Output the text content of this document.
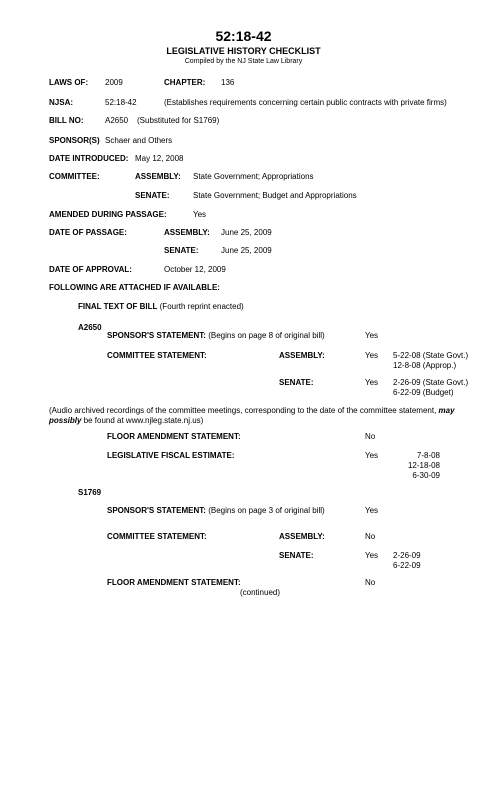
52:18-42
LEGISLATIVE HISTORY CHECKLIST
Compiled by the NJ State Law Library
LAWS OF: 2009	CHAPTER: 136
NJSA:	52:18-42	(Establishes requirements concerning certain public contracts with private firms)
BILL NO:	A2650 (Substituted for S1769)
SPONSOR(S) Schaer and Others
DATE INTRODUCED: May 12, 2008
COMMITTEE:	ASSEMBLY: State Government; Appropriations
SENATE:	State Government; Budget and Appropriations
AMENDED DURING PASSAGE:	Yes
DATE OF PASSAGE:	ASSEMBLY: June 25, 2009
SENATE:	June 25, 2009
DATE OF APPROVAL:	October 12, 2009
FOLLOWING ARE ATTACHED IF AVAILABLE:
FINAL TEXT OF BILL (Fourth reprint enacted)
A2650
SPONSOR'S STATEMENT: (Begins on page 8 of original bill)	Yes
COMMITTEE STATEMENT:	ASSEMBLY:	Yes 5-22-08 (State Govt.)
12-8-08 (Approp.)
SENATE:	Yes 2-26-09 (State Govt.)
6-22-09 (Budget)
(Audio archived recordings of the committee meetings, corresponding to the date of the committee statement, may possibly be found at www.njleg.state.nj.us)
FLOOR AMENDMENT STATEMENT:	No
LEGISLATIVE FISCAL ESTIMATE:	Yes	7-8-08
12-18-08
6-30-09
S1769
SPONSOR'S STATEMENT: (Begins on page 3 of original bill)	Yes
COMMITTEE STATEMENT:	ASSEMBLY:	No
SENATE:	Yes 2-26-09
6-22-09
FLOOR AMENDMENT STATEMENT:	No
(continued)
